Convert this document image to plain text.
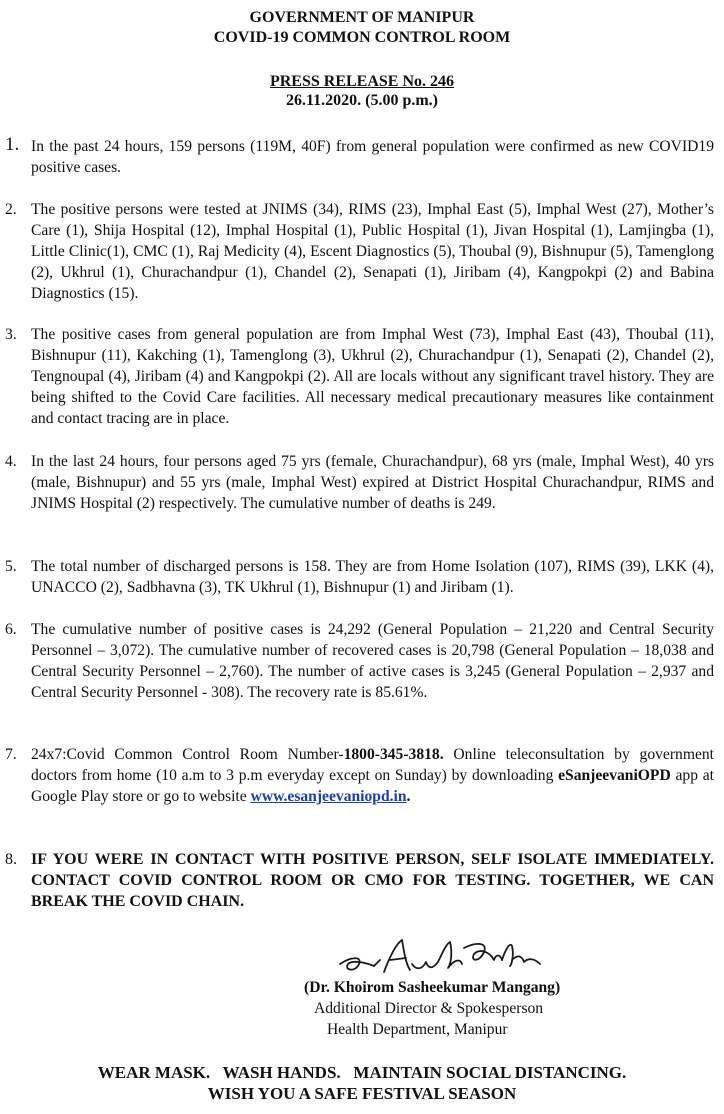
GOVERNMENT OF MANIPUR
COVID-19 COMMON CONTROL ROOM
PRESS RELEASE No. 246
26.11.2020. (5.00 p.m.)
1. In the past 24 hours, 159 persons (119M, 40F) from general population were confirmed as new COVID19 positive cases.
2. The positive persons were tested at JNIMS (34), RIMS (23), Imphal East (5), Imphal West (27), Mother’s Care (1), Shija Hospital (12), Imphal Hospital (1), Public Hospital (1), Jivan Hospital (1), Lamjingba (1), Little Clinic(1), CMC (1), Raj Medicity (4), Escent Diagnostics (5), Thoubal (9), Bishnupur (5), Tamenglong (2), Ukhrul (1), Churachandpur (1), Chandel (2), Senapati (1), Jiribam (4), Kangpokpi (2) and Babina Diagnostics (15).
3. The positive cases from general population are from Imphal West (73), Imphal East (43), Thoubal (11), Bishnupur (11), Kakching (1), Tamenglong (3), Ukhrul (2), Churachandpur (1), Senapati (2), Chandel (2), Tengnoupal (4), Jiribam (4) and Kangpokpi (2). All are locals without any significant travel history. They are being shifted to the Covid Care facilities. All necessary medical precautionary measures like containment and contact tracing are in place.
4. In the last 24 hours, four persons aged 75 yrs (female, Churachandpur), 68 yrs (male, Imphal West), 40 yrs (male, Bishnupur) and 55 yrs (male, Imphal West) expired at District Hospital Churachandpur, RIMS and JNIMS Hospital (2) respectively. The cumulative number of deaths is 249.
5. The total number of discharged persons is 158. They are from Home Isolation (107), RIMS (39), LKK (4), UNACCO (2), Sadbhavna (3), TK Ukhrul (1), Bishnupur (1) and Jiribam (1).
6. The cumulative number of positive cases is 24,292 (General Population – 21,220 and Central Security Personnel – 3,072). The cumulative number of recovered cases is 20,798 (General Population – 18,038 and Central Security Personnel – 2,760). The number of active cases is 3,245 (General Population – 2,937 and Central Security Personnel - 308). The recovery rate is 85.61%.
7. 24x7:Covid Common Control Room Number-1800-345-3818. Online teleconsultation by government doctors from home (10 a.m to 3 p.m everyday except on Sunday) by downloading eSanjeevaniOPD app at Google Play store or go to website www.esanjeevaniopd.in.
8. IF YOU WERE IN CONTACT WITH POSITIVE PERSON, SELF ISOLATE IMMEDIATELY. CONTACT COVID CONTROL ROOM OR CMO FOR TESTING. TOGETHER, WE CAN BREAK THE COVID CHAIN.
(Dr. Khoirom Sasheekumar Mangang)
Additional Director & Spokesperson
Health Department, Manipur
WEAR MASK.   WASH HANDS.   MAINTAIN SOCIAL DISTANCING.
WISH YOU A SAFE FESTIVAL SEASON
